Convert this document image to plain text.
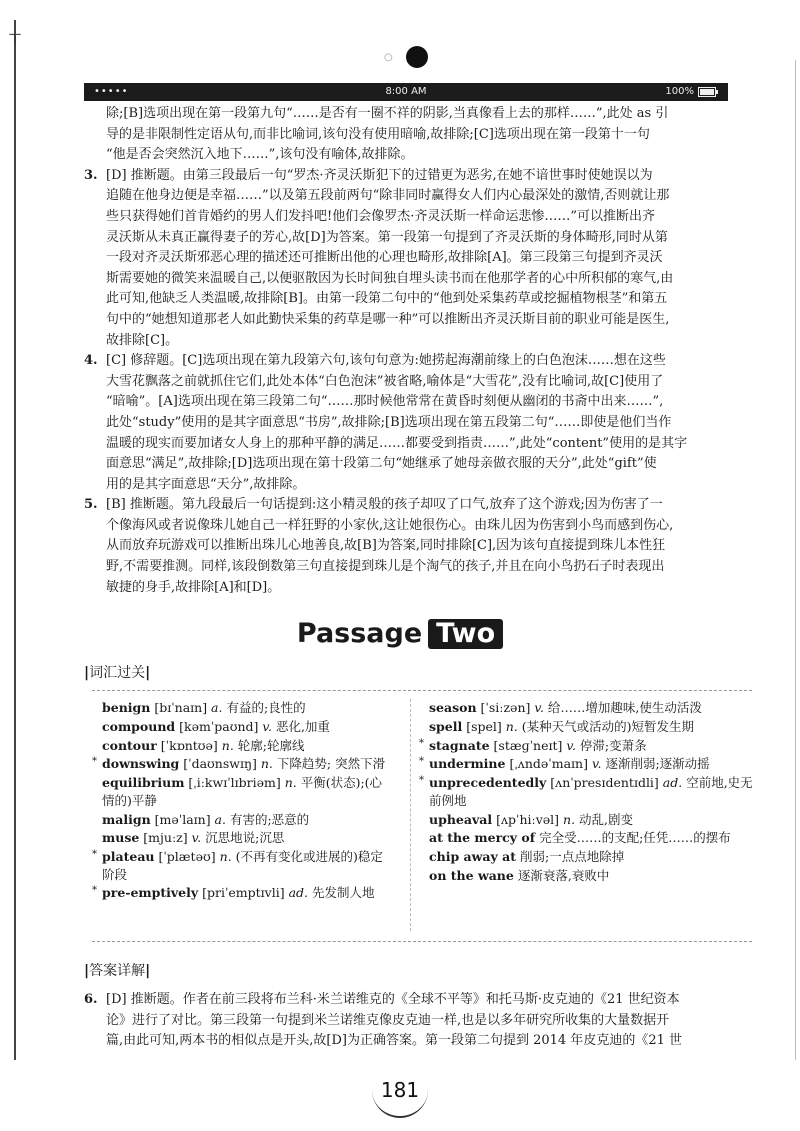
⊤
○
•••••	8:00 AM	100%

除;[B]选项出现在第一段第九句“……是否有一圈不祥的阴影,当真像看上去的那样……”,此处 as 引

导的是非限制性定语从句,而非比喻词,该句没有使用暗喻,故排除;[C]选项出现在第一段第十一句

“他是否会突然沉入地下……”,该句没有喻体,故排除。

3. [D] 推断题。由第三段最后一句“罗杰·齐灵沃斯犯下的过错更为恶劣,在她不谙世事时使她误以为

追随在他身边便是幸福……”以及第五段前两句“除非同时赢得女人们内心最深处的激情,否则就让那

些只获得她们首肯婚约的男人们发抖吧!他们会像罗杰·齐灵沃斯一样命运悲惨……”可以推断出齐

灵沃斯从未真正赢得妻子的芳心,故[D]为答案。第一段第一句提到了齐灵沃斯的身体畸形,同时从第

一段对齐灵沃斯邪恶心理的描述还可推断出他的心理也畸形,故排除[A]。第三段第三句提到齐灵沃

斯需要她的微笑来温暖自己,以便驱散因为长时间独自埋头读书而在他那学者的心中所积郁的寒气,由

此可知,他缺乏人类温暖,故排除[B]。由第一段第二句中的“他到处采集药草或挖掘植物根茎”和第五

句中的“她想知道那老人如此勤快采集的药草是哪一种”可以推断出齐灵沃斯目前的职业可能是医生,

故排除[C]。

4. [C] 修辞题。[C]选项出现在第九段第六句,该句句意为:她捞起海潮前缘上的白色泡沫……想在这些

大雪花飘落之前就抓住它们,此处本体“白色泡沫”被省略,喻体是“大雪花”,没有比喻词,故[C]使用了

“暗喻”。[A]选项出现在第三段第二句“……那时候他常常在黄昏时刻便从幽闭的书斋中出来……”,

此处“study”使用的是其字面意思“书房”,故排除;[B]选项出现在第五段第二句“……即使是他们当作

温暖的现实而要加诸女人身上的那种平静的满足……都要受到指责……”,此处“content”使用的是其字

面意思“满足”,故排除;[D]选项出现在第十段第二句“她继承了她母亲做衣服的天分”,此处“gift”使

用的是其字面意思“天分”,故排除。

5. [B] 推断题。第九段最后一句话提到:这小精灵般的孩子却叹了口气,放弃了这个游戏;因为伤害了一

个像海风或者说像珠儿她自己一样狂野的小家伙,这让她很伤心。由珠儿因为伤害到小鸟而感到伤心,

从而放弃玩游戏可以推断出珠儿心地善良,故[B]为答案,同时排除[C],因为该句直接提到珠儿本性狂

野,不需要推测。同样,该段倒数第三句直接提到珠儿是个淘气的孩子,并且在向小鸟扔石子时表现出

敏捷的身手,故排除[A]和[D]。

Passage Two
|词汇过关|
benign [bɪˈnaɪn] a. 有益的;良性的
compound [kəmˈpaʊnd] v. 恶化,加重
contour [ˈkɒntʊə] n. 轮廓;轮廓线
* downswing [ˈdaʊnswɪŋ] n. 下降趋势; 突然下滑
equilibrium [ˌiːkwɪˈlɪbriəm] n. 平衡(状态);(心情的)平静
malign [məˈlaɪn] a. 有害的;恶意的
muse [mjuːz] v. 沉思地说;沉思
* plateau [ˈplætəʊ] n. (不再有变化或进展的)稳定阶段
* pre-emptively [priˈemptɪvli] ad. 先发制人地
season [ˈsiːzən] v. 给……增加趣味,使生动活泼
spell [spel] n. (某种天气或活动的)短暂发生期
* stagnate [stæɡˈneɪt] v. 停滞;变萧条
* undermine [ˌʌndəˈmaɪn] v. 逐渐削弱;逐渐动摇
* unprecedentedly [ʌnˈpresɪdentɪdli] ad. 空前地,史无前例地
upheaval [ʌpˈhiːvəl] n. 动乱,剧变
at the mercy of 完全受……的支配;任凭……的摆布
chip away at 削弱;一点点地除掉
on the wane 逐渐衰落,衰败中
|答案详解|
6. [D] 推断题。作者在前三段将布兰科·米兰诺维克的《全球不平等》和托马斯·皮克迪的《21 世纪资本

论》进行了对比。第三段第一句提到米兰诺维克像皮克迪一样,也是以多年研究所收集的大量数据开

篇,由此可知,两本书的相似点是开头,故[D]为正确答案。第一段第二句提到 2014 年皮克迪的《21 世

181
